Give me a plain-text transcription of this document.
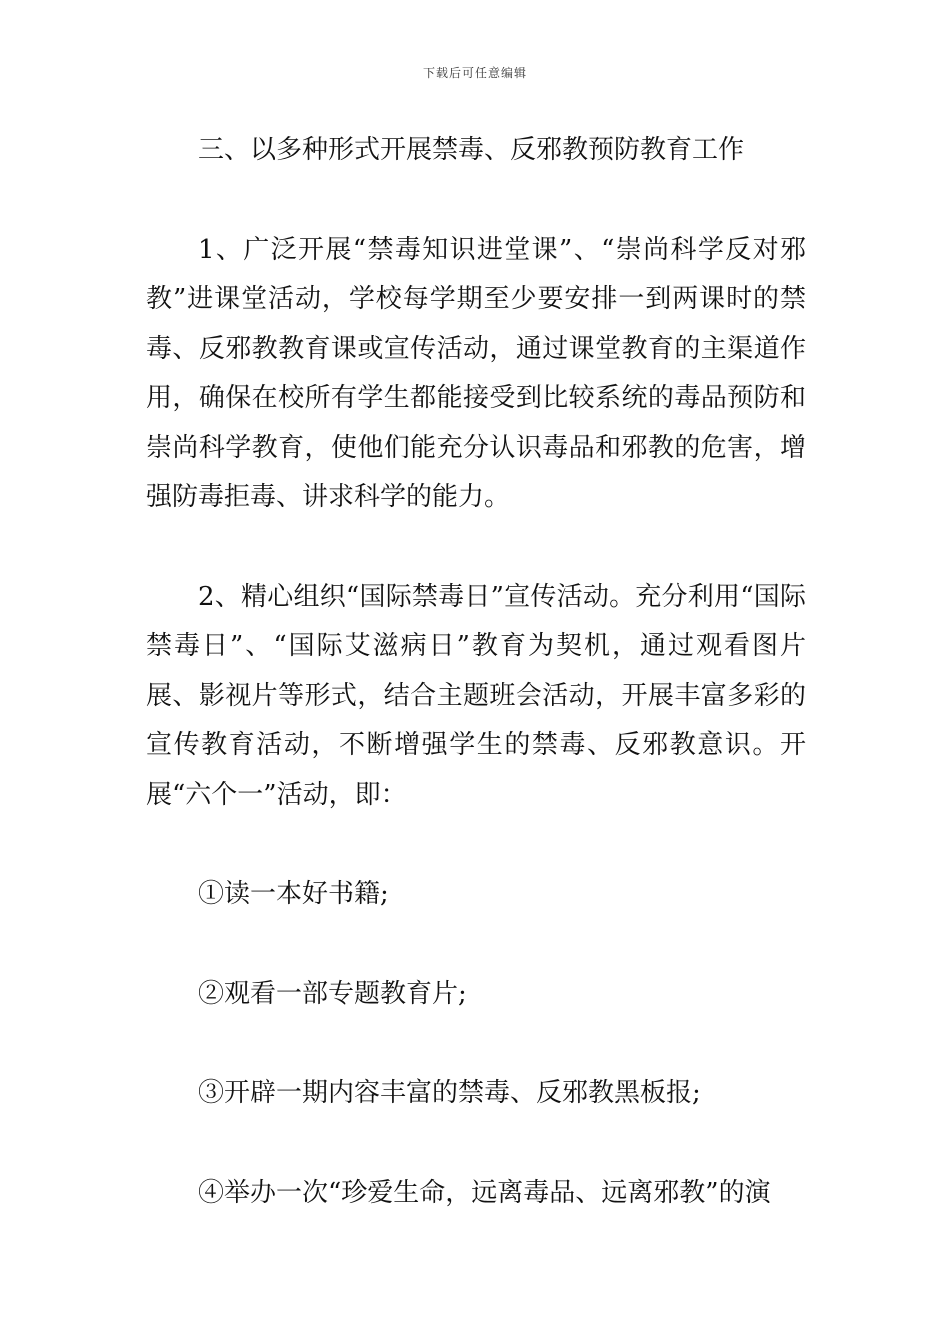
下载后可任意编辑

三、以多种形式开展禁毒、反邪教预防教育工作

1、广泛开展“禁毒知识进堂课”、“崇尚科学反对邪教”进课堂活动，学校每学期至少要安排一到两课时的禁毒、反邪教教育课或宣传活动，通过课堂教育的主渠道作用，确保在校所有学生都能接受到比较系统的毒品预防和崇尚科学教育，使他们能充分认识毒品和邪教的危害，增强防毒拒毒、讲求科学的能力。

2、精心组织“国际禁毒日”宣传活动。充分利用“国际禁毒日”、“国际艾滋病日”教育为契机，通过观看图片展、影视片等形式，结合主题班会活动，开展丰富多彩的宣传教育活动，不断增强学生的禁毒、反邪教意识。开展“六个一”活动，即：

①读一本好书籍;

②观看一部专题教育片;

③开辟一期内容丰富的禁毒、反邪教黑板报;

④举办一次“珍爱生命，远离毒品、远离邪教”的演
